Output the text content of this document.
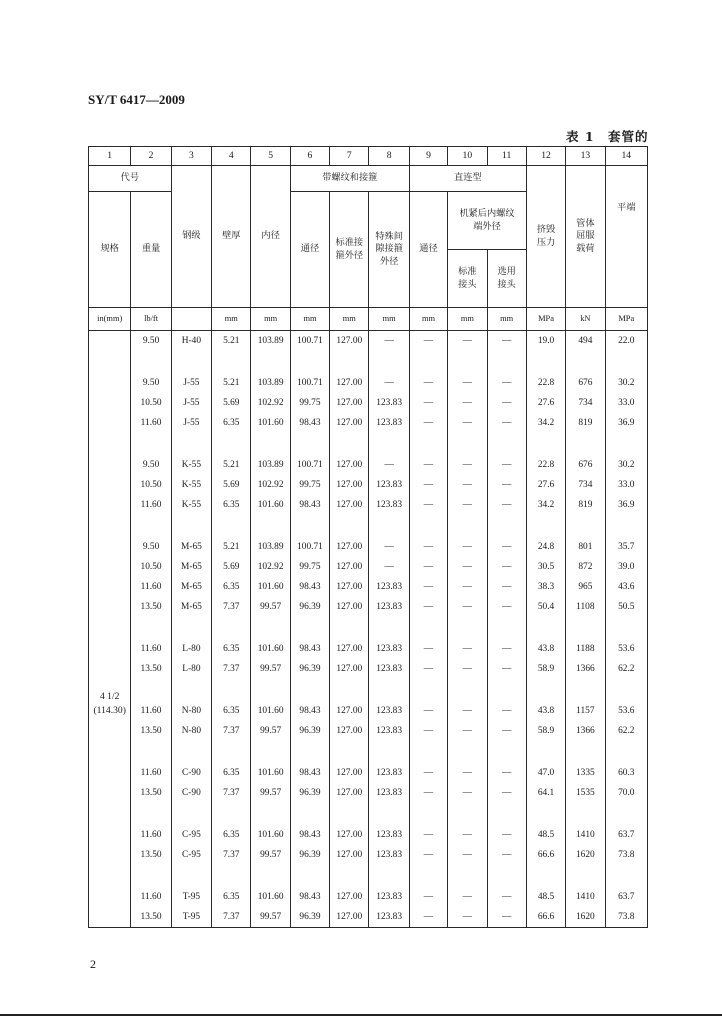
SY/T 6417—2009
表 1　套管的
1	2	3	4	5	6	7	8	9	10	11	12	13	14
代号		钢级	壁厚	内径	带螺纹和接箍			直连型			挤毁压力	管体屈服载荷	平端
规格	重量				通径	标准接箍外径	特殊间隙接箍外径	通径	机紧后内螺纹端外径				
									标准接头	选用接头			
in(mm)	lb/ft		mm	mm	mm	mm	mm	mm	mm	mm	MPa	kN	MPa

4 1/2
(114.30)	9.50	H-40	5.21	103.89	100.71	127.00	—	—	—	—	19.0	494	22.0

	9.50	J-55	5.21	103.89	100.71	127.00	—	—	—	—	22.8	676	30.2
	10.50	J-55	5.69	102.92	99.75	127.00	123.83	—	—	—	27.6	734	33.0
	11.60	J-55	6.35	101.60	98.43	127.00	123.83	—	—	—	34.2	819	36.9

	9.50	K-55	5.21	103.89	100.71	127.00	—	—	—	—	22.8	676	30.2
	10.50	K-55	5.69	102.92	99.75	127.00	123.83	—	—	—	27.6	734	33.0
	11.60	K-55	6.35	101.60	98.43	127.00	123.83	—	—	—	34.2	819	36.9

	9.50	M-65	5.21	103.89	100.71	127.00	—	—	—	—	24.8	801	35.7
	10.50	M-65	5.69	102.92	99.75	127.00	—	—	—	—	30.5	872	39.0
	11.60	M-65	6.35	101.60	98.43	127.00	123.83	—	—	—	38.3	965	43.6
	13.50	M-65	7.37	99.57	96.39	127.00	123.83	—	—	—	50.4	1108	50.5

	11.60	L-80	6.35	101.60	98.43	127.00	123.83	—	—	—	43.8	1188	53.6
	13.50	L-80	7.37	99.57	96.39	127.00	123.83	—	—	—	58.9	1366	62.2

	11.60	N-80	6.35	101.60	98.43	127.00	123.83	—	—	—	43.8	1157	53.6
	13.50	N-80	7.37	99.57	96.39	127.00	123.83	—	—	—	58.9	1366	62.2

	11.60	C-90	6.35	101.60	98.43	127.00	123.83	—	—	—	47.0	1335	60.3
	13.50	C-90	7.37	99.57	96.39	127.00	123.83	—	—	—	64.1	1535	70.0

	11.60	C-95	6.35	101.60	98.43	127.00	123.83	—	—	—	48.5	1410	63.7
	13.50	C-95	7.37	99.57	96.39	127.00	123.83	—	—	—	66.6	1620	73.8

	11.60	T-95	6.35	101.60	98.43	127.00	123.83	—	—	—	48.5	1410	63.7
	13.50	T-95	7.37	99.57	96.39	127.00	123.83	—	—	—	66.6	1620	73.8
2
